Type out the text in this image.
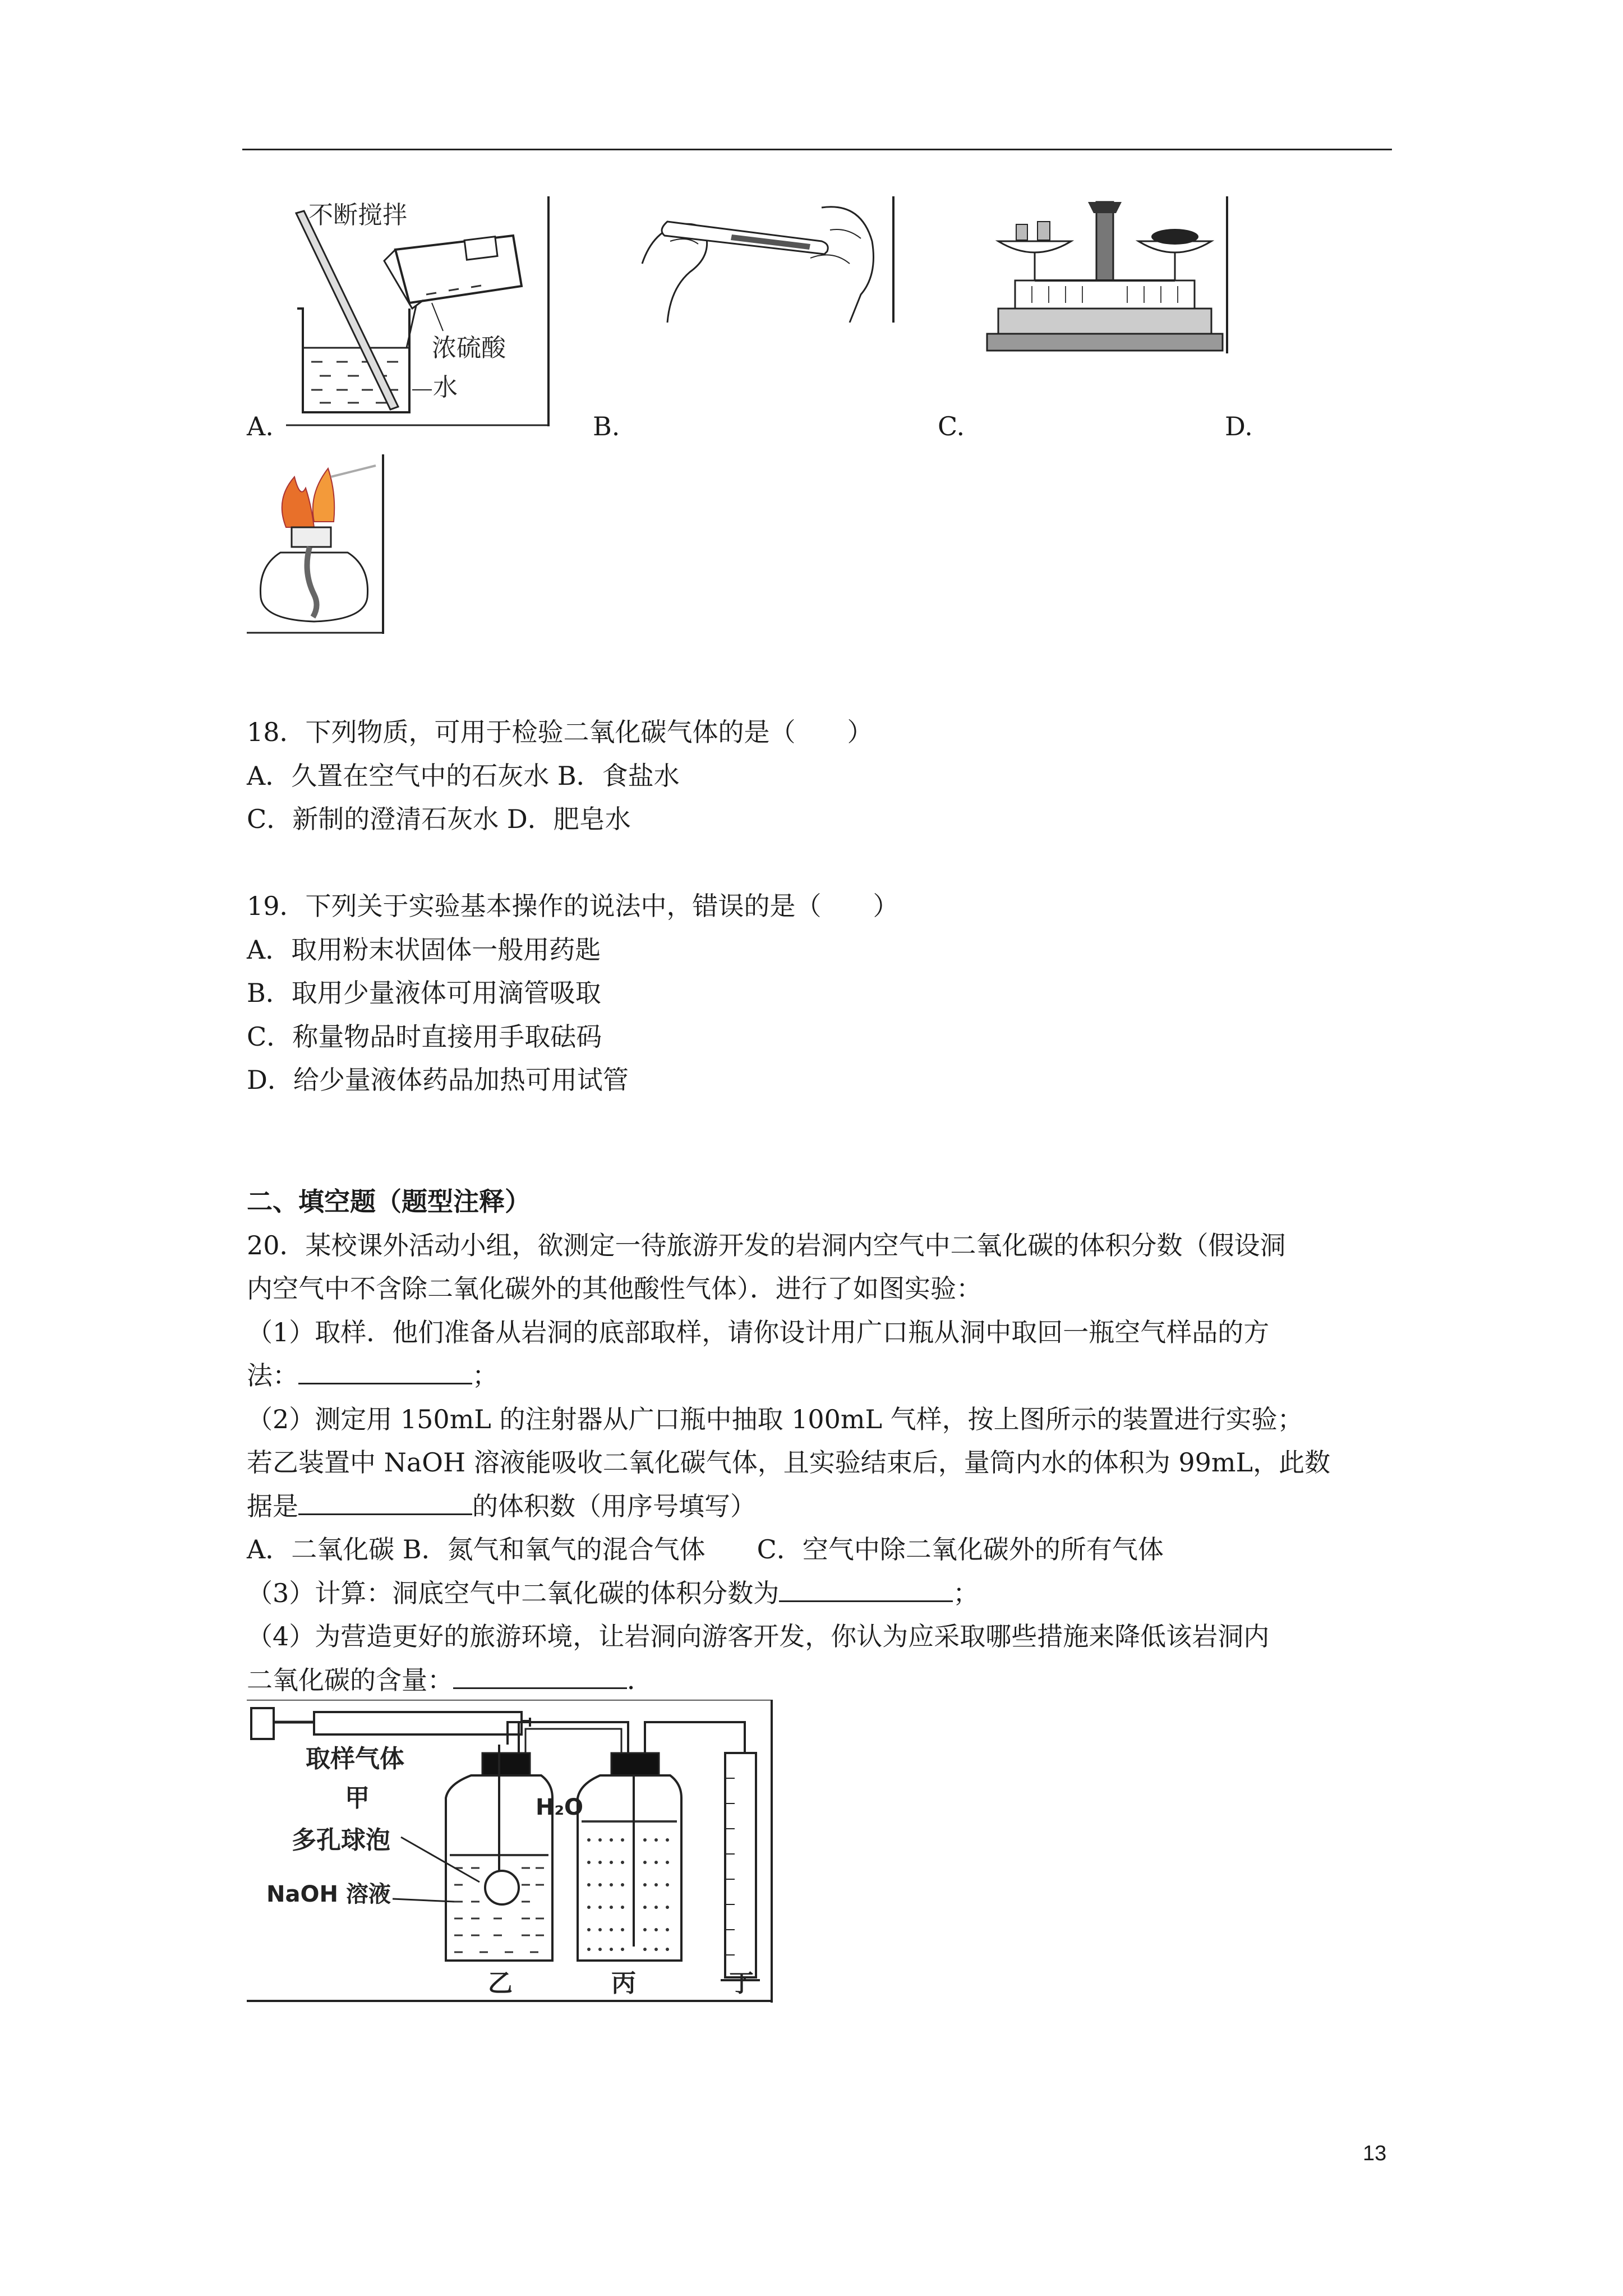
不断搅拌
浓硫酸
水
A.	B.	C.	D.
18．下列物质，可用于检验二氧化碳气体的是（　　）
A．久置在空气中的石灰水 B．食盐水
C．新制的澄清石灰水 D．肥皂水
19．下列关于实验基本操作的说法中，错误的是（　　）
A．取用粉末状固体一般用药匙
B．取用少量液体可用滴管吸取
C．称量物品时直接用手取砝码
D．给少量液体药品加热可用试管
二、填空题（题型注释）
20．某校课外活动小组，欲测定一待旅游开发的岩洞内空气中二氧化碳的体积分数（假设洞
内空气中不含除二氧化碳外的其他酸性气体）．进行了如图实验：
（1）取样．他们准备从岩洞的底部取样，请你设计用广口瓶从洞中取回一瓶空气样品的方
法：	；
（2）测定用 150mL 的注射器从广口瓶中抽取 100mL 气样，按上图所示的装置进行实验；
若乙装置中 NaOH 溶液能吸收二氧化碳气体，且实验结束后，量筒内水的体积为 99mL，此数
据是	的体积数（用序号填写）
A．二氧化碳 B．氮气和氧气的混合气体　　C．空气中除二氧化碳外的所有气体
（3）计算：洞底空气中二氧化碳的体积分数为	；
（4）为营造更好的旅游环境，让岩洞向游客开发，你认为应采取哪些措施来降低该岩洞内
二氧化碳的含量：	．
取样气体
甲
多孔球泡
NaOH 溶液
H₂O
乙	丙	丁
13
